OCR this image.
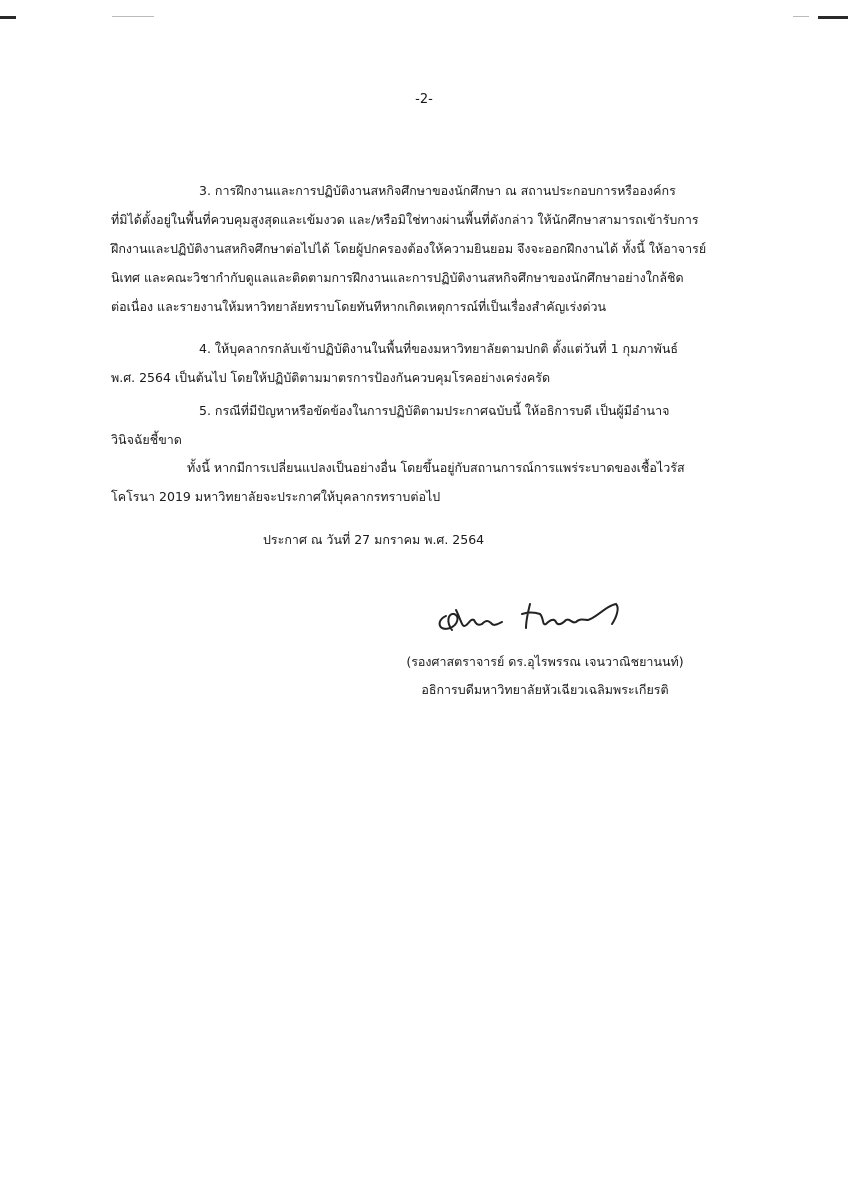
-2-
3. การฝึกงานและการปฏิบัติงานสหกิจศึกษาของนักศึกษา ณ สถานประกอบการหรือองค์กร
ที่มิได้ตั้งอยู่ในพื้นที่ควบคุมสูงสุดและเข้มงวด และ/หรือมิใช่ทางผ่านพื้นที่ดังกล่าว ให้นักศึกษาสามารถเข้ารับการ
ฝึกงานและปฏิบัติงานสหกิจศึกษาต่อไปได้ โดยผู้ปกครองต้องให้ความยินยอม จึงจะออกฝึกงานได้ ทั้งนี้ ให้อาจารย์
นิเทศ และคณะวิชากำกับดูแลและติดตามการฝึกงานและการปฏิบัติงานสหกิจศึกษาของนักศึกษาอย่างใกล้ชิด
ต่อเนื่อง และรายงานให้มหาวิทยาลัยทราบโดยทันทีหากเกิดเหตุการณ์ที่เป็นเรื่องสำคัญเร่งด่วน
4. ให้บุคลากรกลับเข้าปฏิบัติงานในพื้นที่ของมหาวิทยาลัยตามปกติ ตั้งแต่วันที่ 1 กุมภาพันธ์
พ.ศ. 2564 เป็นต้นไป โดยให้ปฏิบัติตามมาตรการป้องกันควบคุมโรคอย่างเคร่งครัด
5. กรณีที่มีปัญหาหรือขัดข้องในการปฏิบัติตามประกาศฉบับนี้ ให้อธิการบดี เป็นผู้มีอำนาจ
วินิจฉัยชี้ขาด
ทั้งนี้ หากมีการเปลี่ยนแปลงเป็นอย่างอื่น โดยขึ้นอยู่กับสถานการณ์การแพร่ระบาดของเชื้อไวรัส
โคโรนา 2019 มหาวิทยาลัยจะประกาศให้บุคลากรทราบต่อไป
ประกาศ ณ วันที่ 27 มกราคม พ.ศ. 2564
(รองศาสตราจารย์ ดร.อุไรพรรณ เจนวาณิชยานนท์)
อธิการบดีมหาวิทยาลัยหัวเฉียวเฉลิมพระเกียรติ
